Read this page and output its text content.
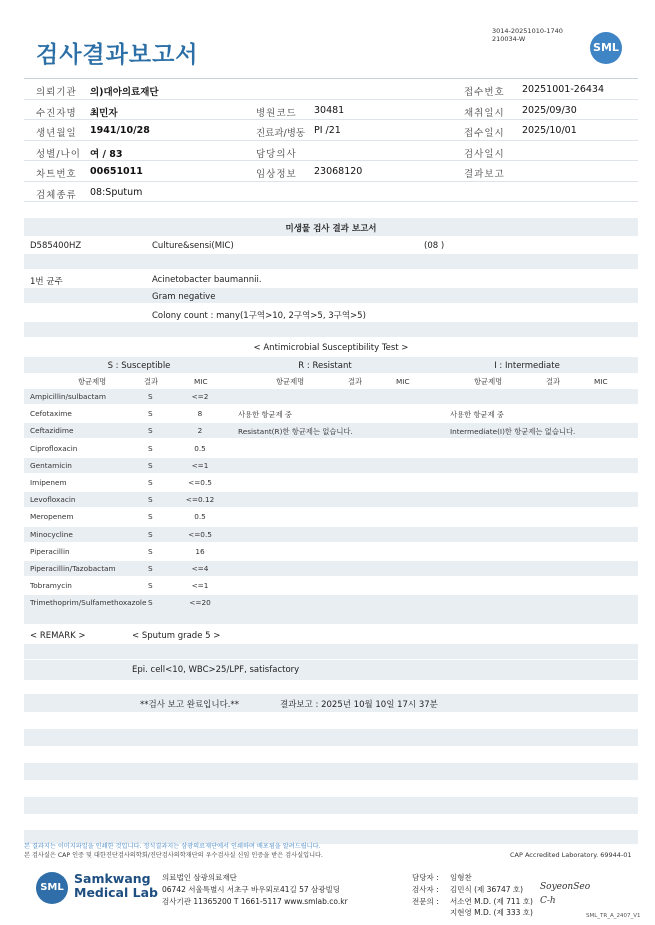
검사결과보고서
3014-20251010-1740
210034-W
SML
의뢰기관 의)대아의료재단	접수번호 20251001-26434
수진자명 최민자	병원코드 30481	채취일시 2025/09/30
생년월일 1941/10/28	진료과/병동 PI /21	접수일시 2025/10/01
성별/나이 여 / 83	담당의사	검사일시
차트번호 00651011	임상정보 23068120	결과보고
검체종류 08:Sputum
미생물 검사 결과 보고서
D585400HZ	Culture&sensi(MIC)	(08 )
1번 균주	Acinetobacter baumannii.
Gram negative
Colony count : many(1구역>10, 2구역>5, 3구역>5)
< Antimicrobial Susceptibility Test >
S : Susceptible	R : Resistant	I : Intermediate
항균제명	결과	MIC	항균제명	결과	MIC	항균제명	결과	MIC
Ampicillin/sulbactam	S	<=2
Cefotaxime	S	8
Ceftazidime	S	2
Ciprofloxacin	S	0.5
Gentamicin	S	<=1
Imipenem	S	<=0.5
Levofloxacin	S	<=0.12
Meropenem	S	0.5
Minocycline	S	<=0.5
Piperacillin	S	16
Piperacillin/Tazobactam	S	<=4
Tobramycin	S	<=1
Trimethoprim/Sulfamethoxazole S	<=20
사용한 항균제 중
Resistant(R)한 항균제는 없습니다.
사용한 항균제 중
Intermediate(I)한 항균제는 없습니다.
< REMARK >	< Sputum grade 5 >
Epi. cell<10, WBC>25/LPF, satisfactory
**검사 보고 완료입니다.**	결과보고 : 2025년 10월 10일 17시 37분
본 결과지는 이미지파일을 인쇄한 것입니다. 정식결과지는 삼광의료재단에서 인쇄하며 배포됨을 알려드립니다.
본 검사실은 CAP 인증 및 대한진단검사의학회/진단검사의학재단의 우수검사실 신임 인증을 받은 검사실입니다.	CAP Accredited Laboratory. 69944-01
SML
Samkwang
Medical Lab
의료법인 삼광의료재단
06742 서울특별시 서초구 바우뫼로41길 57 삼광빌딩
검사기관 11365200 T 1661-5117 www.smlab.co.kr
담당자 : 임형찬
검사자 : 김민식 (제 36747 호)
전문의 : 서소연 M.D. (제 711 호)
지현영 M.D. (제 333 호)
SoyeonSeo
C-h
SML_TR_A_2407_V1
